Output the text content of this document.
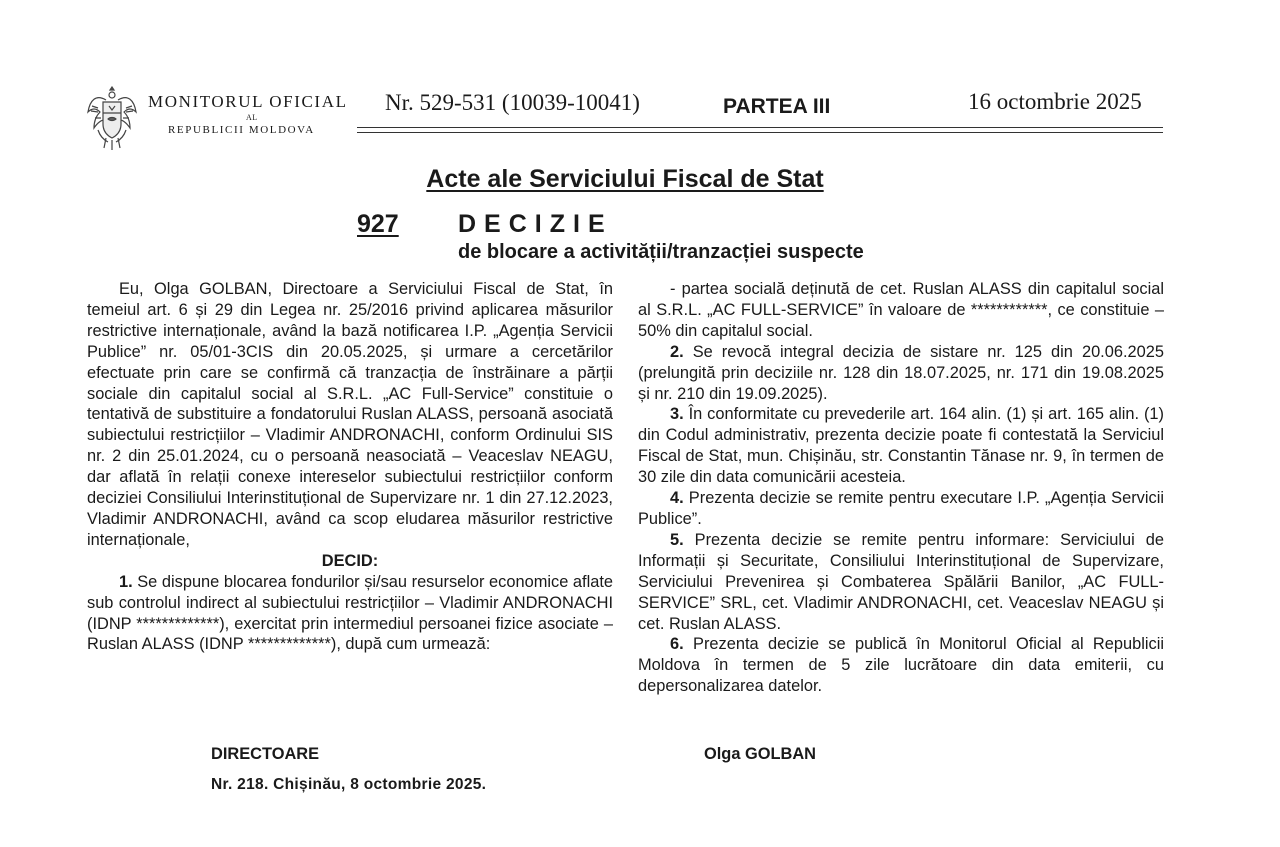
MONITORUL OFICIAL
AL
REPUBLICII MOLDOVA
Nr. 529-531 (10039-10041)	PARTEA III	16 octombrie 2025
Acte ale Serviciului Fiscal de Stat
927 DECIZIE
de blocare a activității/tranzacției suspecte

Eu, Olga GOLBAN, Directoare a Serviciului Fiscal de Stat, în temeiul art. 6 și 29 din Legea nr. 25/2016 privind aplicarea măsurilor restrictive internaționale, având la bază notificarea I.P. „Agenția Servicii Publice” nr. 05/01-3CIS din 20.05.2025, și urmare a cercetărilor efectuate prin care se confirmă că tranzacția de înstrăinare a părții sociale din capitalul social al S.R.L. „AC Full-Service” constituie o tentativă de substituire a fondatorului Ruslan ALASS, persoană asociată subiectului restricțiilor – Vladimir ANDRONACHI, conform Ordinului SIS nr. 2 din 25.01.2024, cu o persoană neasociată – Veaceslav NEAGU, dar aflată în relații conexe intereselor subiectului restricțiilor conform deciziei Consiliului Interinstituțional de Supervizare nr. 1 din 27.12.2023, Vladimir ANDRONACHI, având ca scop eludarea măsurilor restrictive internaționale,

DECID:

1. Se dispune blocarea fondurilor și/sau resurselor economice aflate sub controlul indirect al subiectului restricțiilor – Vladimir ANDRONACHI (IDNP *************), exercitat prin intermediul persoanei fizice asociate – Ruslan ALASS (IDNP *************), după cum urmează:

- partea socială deținută de cet. Ruslan ALASS din capitalul social al S.R.L. „AC FULL-SERVICE” în valoare de ************, ce constituie – 50% din capitalul social.

2. Se revocă integral decizia de sistare nr. 125 din 20.06.2025 (prelungită prin deciziile nr. 128 din 18.07.2025, nr. 171 din 19.08.2025 și nr. 210 din 19.09.2025).

3. În conformitate cu prevederile art. 164 alin. (1) și art. 165 alin. (1) din Codul administrativ, prezenta decizie poate fi contestată la Serviciul Fiscal de Stat, mun. Chișinău, str. Constantin Tănase nr. 9, în termen de 30 zile din data comunicării acesteia.

4. Prezenta decizie se remite pentru executare I.P. „Agenția Servicii Publice”.

5. Prezenta decizie se remite pentru informare: Serviciului de Informații și Securitate, Consiliului Interinstituțional de Supervizare, Serviciului Prevenirea și Combaterea Spălării Banilor, „AC FULL-SERVICE” SRL, cet. Vladimir ANDRONACHI, cet. Veaceslav NEAGU și cet. Ruslan ALASS.

6. Prezenta decizie se publică în Monitorul Oficial al Republicii Moldova în termen de 5 zile lucrătoare din data emiterii, cu depersonalizarea datelor.

DIRECTOARE	Olga GOLBAN
Nr. 218. Chișinău, 8 octombrie 2025.
